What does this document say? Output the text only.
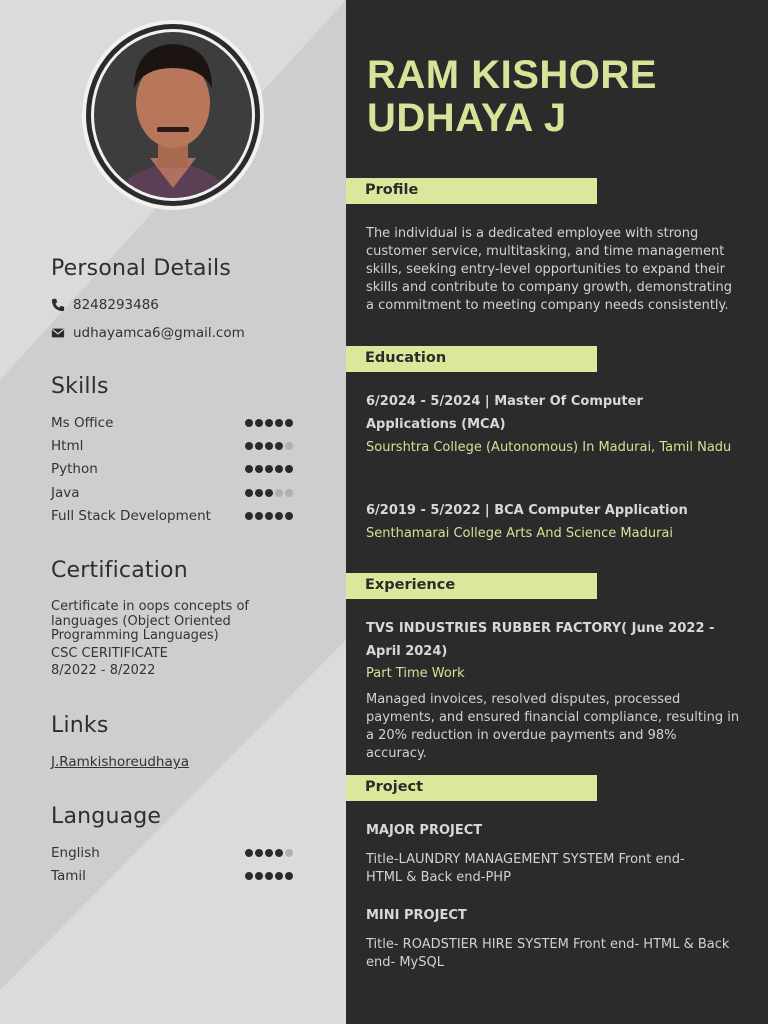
Personal Details
8248293486
udhayamca6@gmail.com
Skills
Ms Office
Html
Python
Java
Full Stack Development
Certification
Certificate in oops concepts of languages (Object Oriented Programming Languages)
CSC CERITIFICATE
8/2022 - 8/2022
Links
J.Ramkishoreudhaya
Language
English
Tamil
RAM KISHORE
UDHAYA J
Profile
The individual is a dedicated employee with strong customer service, multitasking, and time management skills, seeking entry-level opportunities to expand their skills and contribute to company growth, demonstrating a commitment to meeting company needs consistently.
Education
6/2024 - 5/2024 | Master Of Computer Applications (MCA)
Sourshtra College (Autonomous) In Madurai, Tamil Nadu
6/2019 - 5/2022 | BCA Computer Application
Senthamarai College Arts And Science Madurai
Experience
TVS INDUSTRIES RUBBER FACTORY( June 2022 - April 2024)
Part Time Work
Managed invoices, resolved disputes, processed payments, and ensured financial compliance, resulting in a 20% reduction in overdue payments and 98% accuracy.
Project
MAJOR PROJECT
Title-LAUNDRY MANAGEMENT SYSTEM Front end- HTML & Back end-PHP
MINI PROJECT
Title- ROADSTIER HIRE SYSTEM Front end- HTML & Back end- MySQL
